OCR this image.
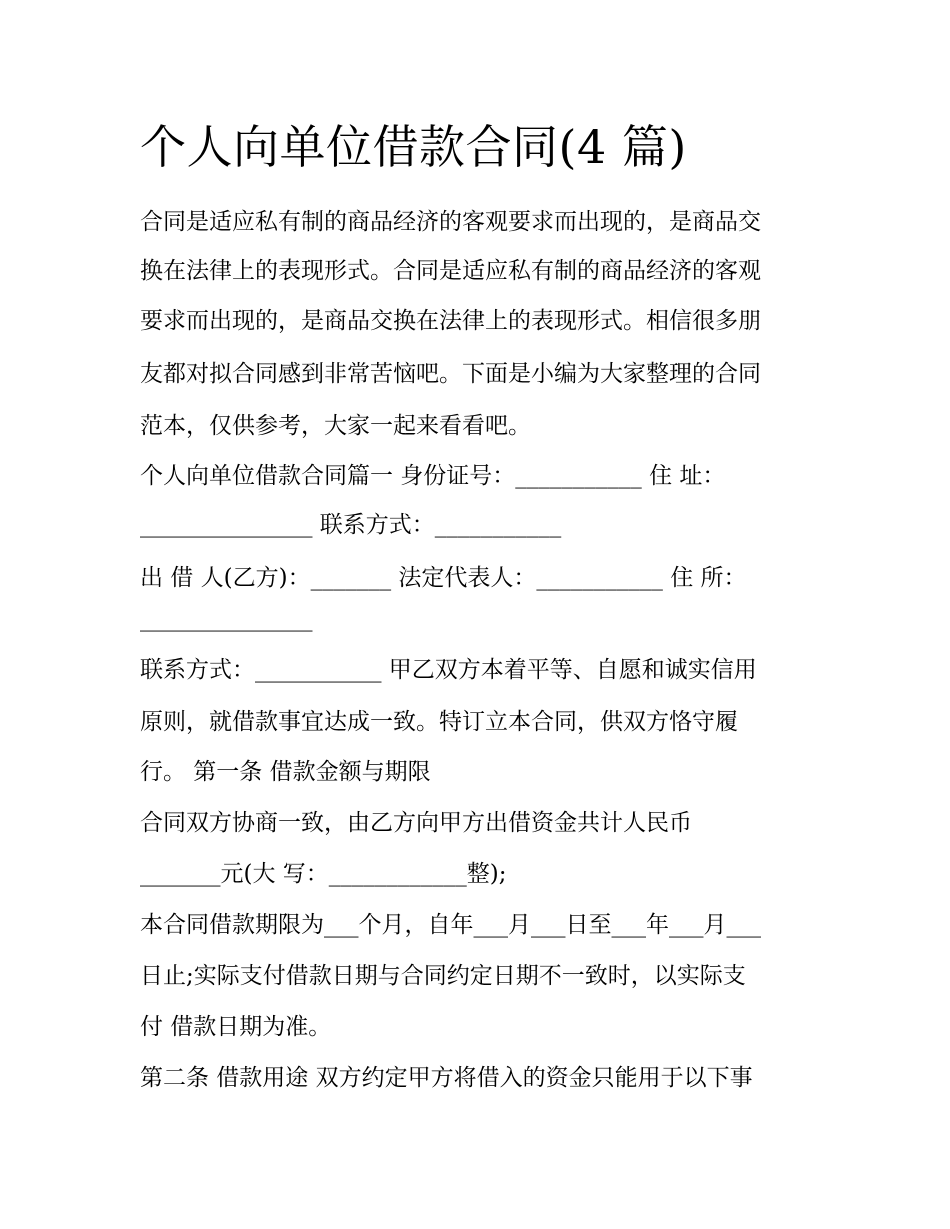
个人向单位借款合同(4 篇)

合同是适应私有制的商品经济的客观要求而出现的，是商品交

换在法律上的表现形式。合同是适应私有制的商品经济的客观

要求而出现的，是商品交换在法律上的表现形式。相信很多朋

友都对拟合同感到非常苦恼吧。下面是小编为大家整理的合同

范本，仅供参考，大家一起来看看吧。

个人向单位借款合同篇一 身份证号：___________ 住 址：

_______________ 联系方式：___________

出 借 人(乙方)：_______ 法定代表人：___________ 住 所：

_______________

联系方式：___________ 甲乙双方本着平等、自愿和诚实信用

原则，就借款事宜达成一致。特订立本合同，供双方恪守履

行。 第一条 借款金额与期限

合同双方协商一致，由乙方向甲方出借资金共计人民币

_______元(大 写：____________整);

本合同借款期限为___个月，自年___月___日至___年___月___

日止;实际支付借款日期与合同约定日期不一致时，以实际支

付 借款日期为准。

第二条 借款用途 双方约定甲方将借入的资金只能用于以下事
